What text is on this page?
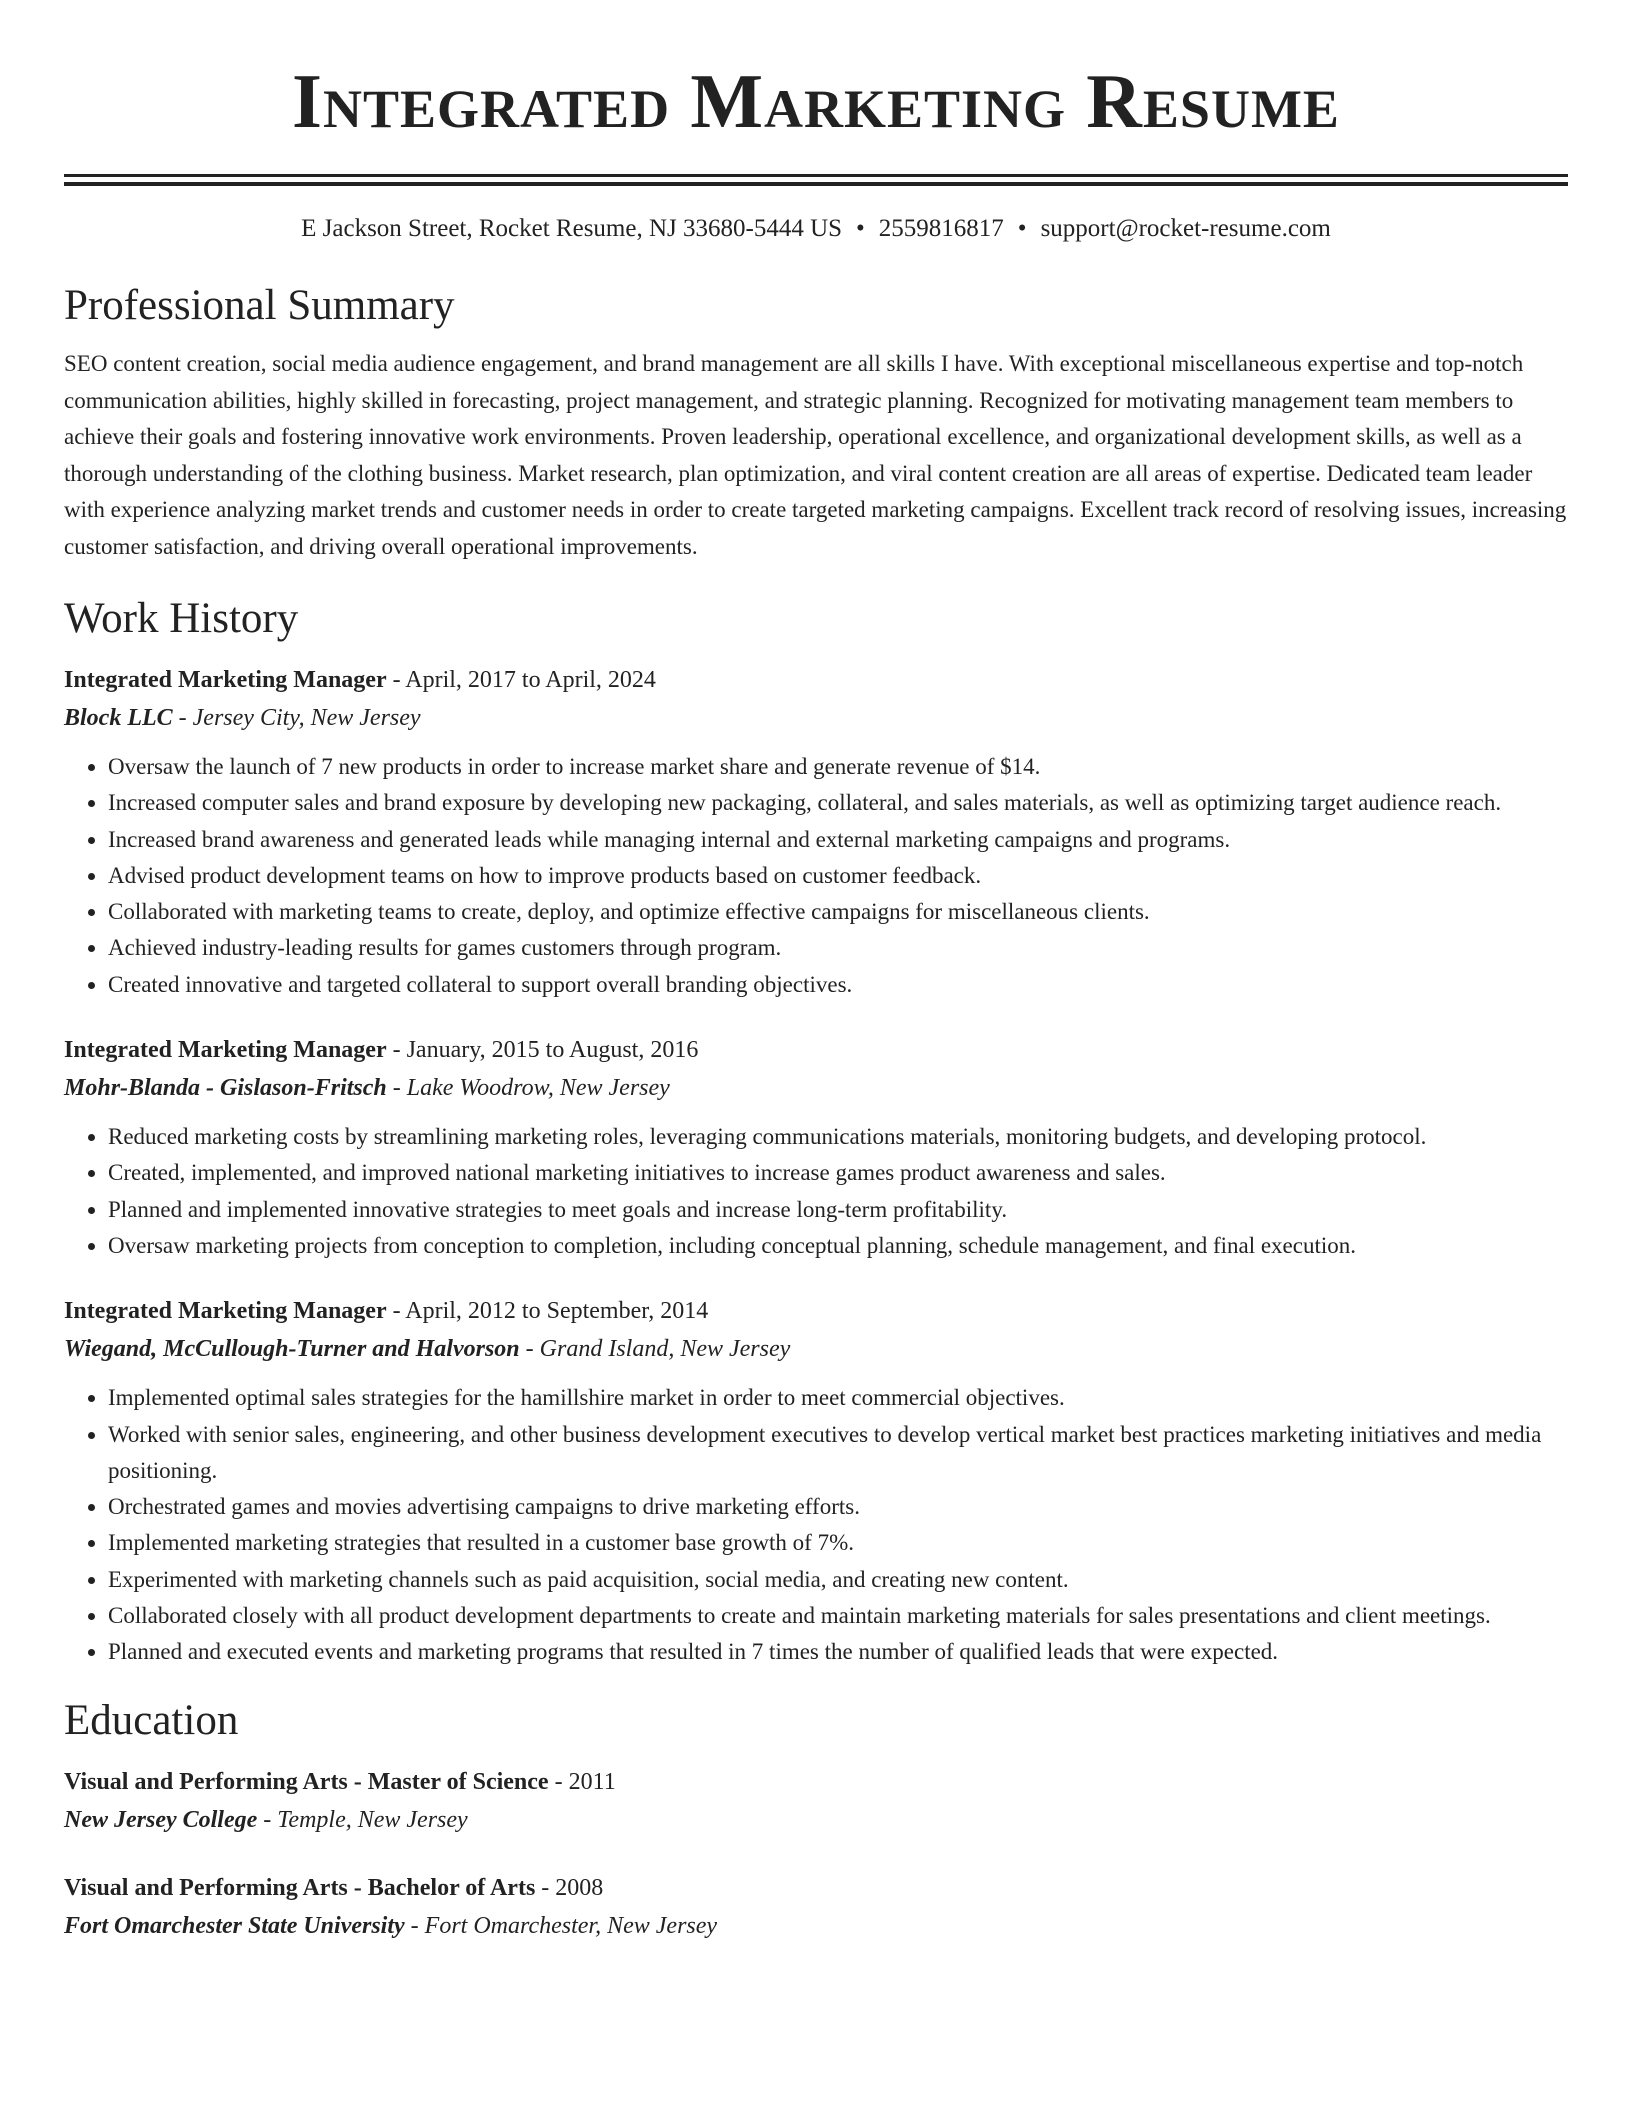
Integrated Marketing Resume
E Jackson Street, Rocket Resume, NJ 33680-5444 US • 2559816817 • support@rocket-resume.com
Professional Summary

SEO content creation, social media audience engagement, and brand management are all skills I have. With exceptional miscellaneous expertise and top-notch communication abilities, highly skilled in forecasting, project management, and strategic planning. Recognized for motivating management team members to achieve their goals and fostering innovative work environments. Proven leadership, operational excellence, and organizational development skills, as well as a thorough understanding of the clothing business. Market research, plan optimization, and viral content creation are all areas of expertise. Dedicated team leader with experience analyzing market trends and customer needs in order to create targeted marketing campaigns. Excellent track record of resolving issues, increasing customer satisfaction, and driving overall operational improvements.

Work History
Integrated Marketing Manager - April, 2017 to April, 2024
Block LLC - Jersey City, New Jersey
• Oversaw the launch of 7 new products in order to increase market share and generate revenue of $14.
• Increased computer sales and brand exposure by developing new packaging, collateral, and sales materials, as well as optimizing target audience reach.
• Increased brand awareness and generated leads while managing internal and external marketing campaigns and programs.
• Advised product development teams on how to improve products based on customer feedback.
• Collaborated with marketing teams to create, deploy, and optimize effective campaigns for miscellaneous clients.
• Achieved industry-leading results for games customers through program.
• Created innovative and targeted collateral to support overall branding objectives.
Integrated Marketing Manager - January, 2015 to August, 2016
Mohr-Blanda - Gislason-Fritsch - Lake Woodrow, New Jersey
• Reduced marketing costs by streamlining marketing roles, leveraging communications materials, monitoring budgets, and developing protocol.
• Created, implemented, and improved national marketing initiatives to increase games product awareness and sales.
• Planned and implemented innovative strategies to meet goals and increase long-term profitability.
• Oversaw marketing projects from conception to completion, including conceptual planning, schedule management, and final execution.
Integrated Marketing Manager - April, 2012 to September, 2014
Wiegand, McCullough-Turner and Halvorson - Grand Island, New Jersey
• Implemented optimal sales strategies for the hamillshire market in order to meet commercial objectives.
• Worked with senior sales, engineering, and other business development executives to develop vertical market best practices marketing initiatives and media positioning.
• Orchestrated games and movies advertising campaigns to drive marketing efforts.
• Implemented marketing strategies that resulted in a customer base growth of 7%.
• Experimented with marketing channels such as paid acquisition, social media, and creating new content.
• Collaborated closely with all product development departments to create and maintain marketing materials for sales presentations and client meetings.
• Planned and executed events and marketing programs that resulted in 7 times the number of qualified leads that were expected.
Education
Visual and Performing Arts - Master of Science - 2011
New Jersey College - Temple, New Jersey
Visual and Performing Arts - Bachelor of Arts - 2008
Fort Omarchester State University - Fort Omarchester, New Jersey
